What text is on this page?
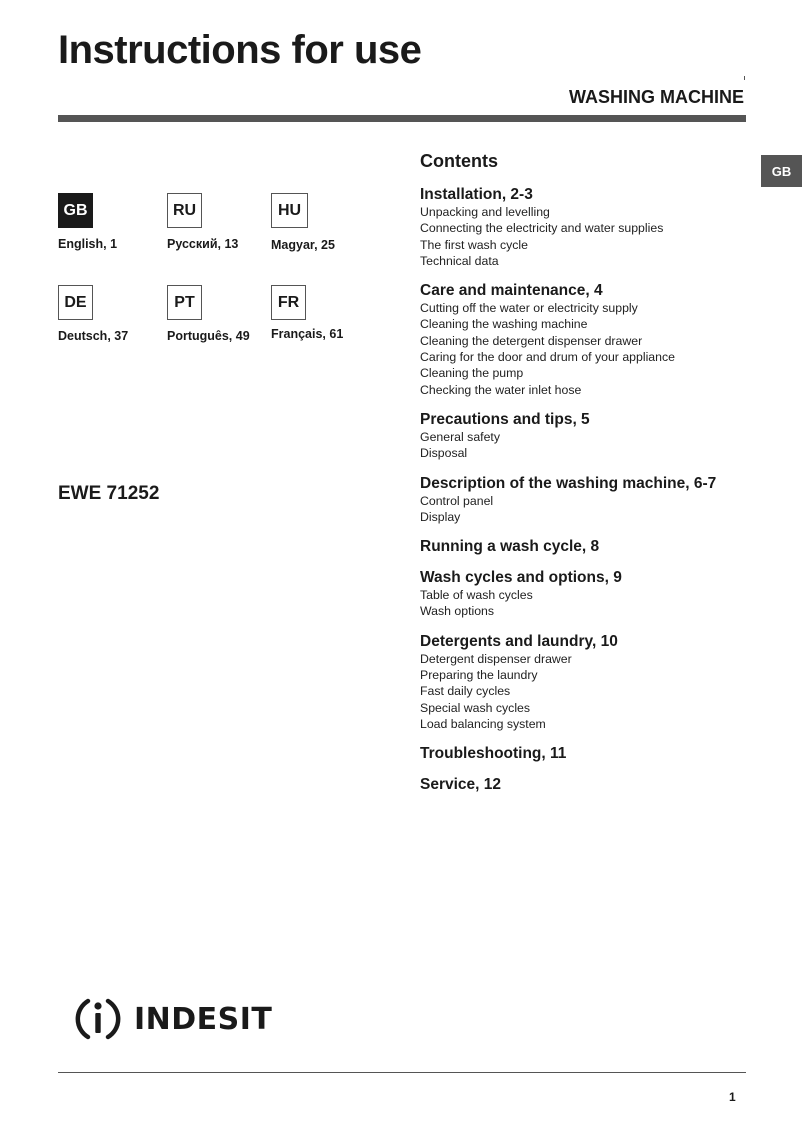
Instructions for use
WASHING MACHINE
GB
GB
English, 1
RU
Русский, 13
HU
Magyar, 25
DE
Deutsch, 37
PT
Português, 49
FR
Français, 61
EWE 71252
Contents
Installation, 2-3
Unpacking and levelling
Connecting the electricity and water supplies
The first wash cycle
Technical data
Care and maintenance, 4
Cutting off the water or electricity supply
Cleaning the washing machine
Cleaning the detergent dispenser drawer
Caring for the door and drum of your appliance
Cleaning the pump
Checking the water inlet hose
Precautions and tips, 5
General safety
Disposal
Description of the washing machine, 6-7
Control panel
Display
Running a wash cycle, 8
Wash cycles and options, 9
Table of wash cycles
Wash options
Detergents and laundry, 10
Detergent dispenser drawer
Preparing the laundry
Fast daily cycles
Special wash cycles
Load balancing system
Troubleshooting, 11
Service, 12
INDESIT
1
